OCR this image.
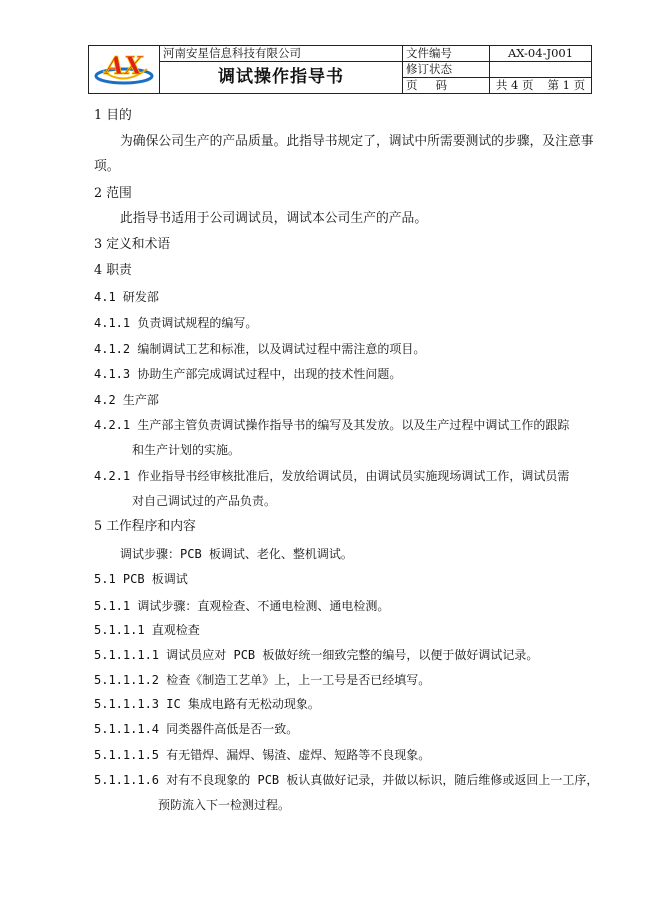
AX	河南安星信息科技有限公司	文件编号	AX-04-J001
	调试操作指导书	修订状态	
		页码	共 4 页 第 1 页
1 目的
为确保公司生产的产品质量。此指导书规定了，调试中所需要测试的步骤，及注意事
项。
2 范围
此指导书适用于公司调试员，调试本公司生产的产品。
3 定义和术语
4 职责
4.1 研发部
4.1.1 负责调试规程的编写。
4.1.2 编制调试工艺和标准，以及调试过程中需注意的项目。
4.1.3 协助生产部完成调试过程中，出现的技术性问题。
4.2 生产部
4.2.1 生产部主管负责调试操作指导书的编写及其发放。以及生产过程中调试工作的跟踪
和生产计划的实施。
4.2.1 作业指导书经审核批准后，发放给调试员，由调试员实施现场调试工作，调试员需
对自己调试过的产品负责。
5 工作程序和内容
调试步骤：PCB 板调试、老化、整机调试。
5.1 PCB 板调试
5.1.1 调试步骤：直观检查、不通电检测、通电检测。
5.1.1.1 直观检查
5.1.1.1.1 调试员应对 PCB 板做好统一细致完整的编号，以便于做好调试记录。
5.1.1.1.2 检查《制造工艺单》上，上一工号是否已经填写。
5.1.1.1.3 IC 集成电路有无松动现象。
5.1.1.1.4 同类器件高低是否一致。
5.1.1.1.5 有无错焊、漏焊、锡渣、虚焊、短路等不良现象。
5.1.1.1.6 对有不良现象的 PCB 板认真做好记录，并做以标识，随后维修或返回上一工序，
预防流入下一检测过程。
